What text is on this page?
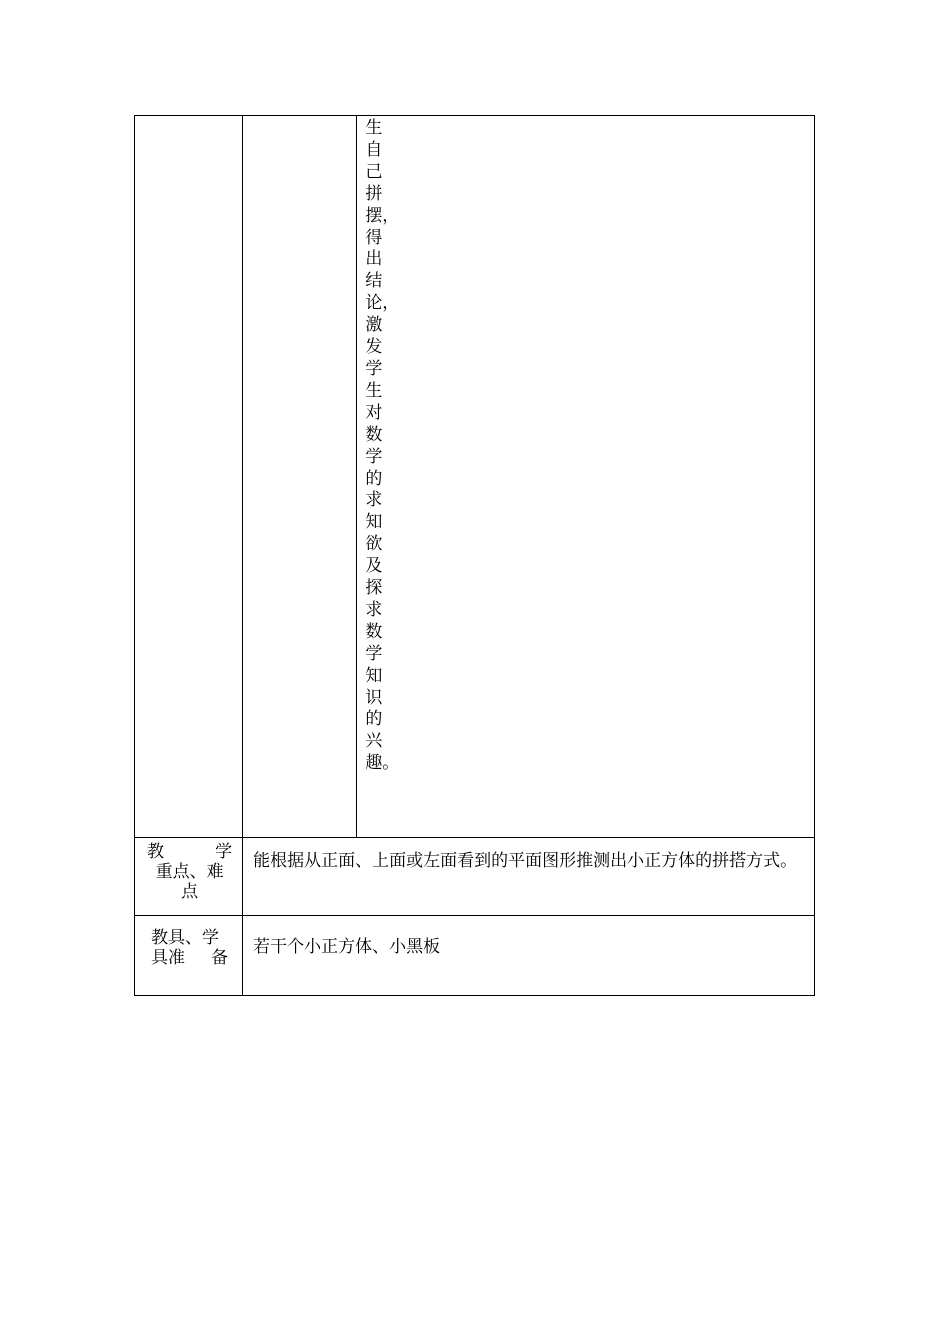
		生自己拼摆，得出结论，激发学生对数学的求知欲及探求数学知识的兴趣。

教 学
重点、难
点	能根据从正面、上面或左面看到的平面图形推测出小正方体的拼搭方式。	

教具、学
具准 备	若干个小正方体、小黑板	
